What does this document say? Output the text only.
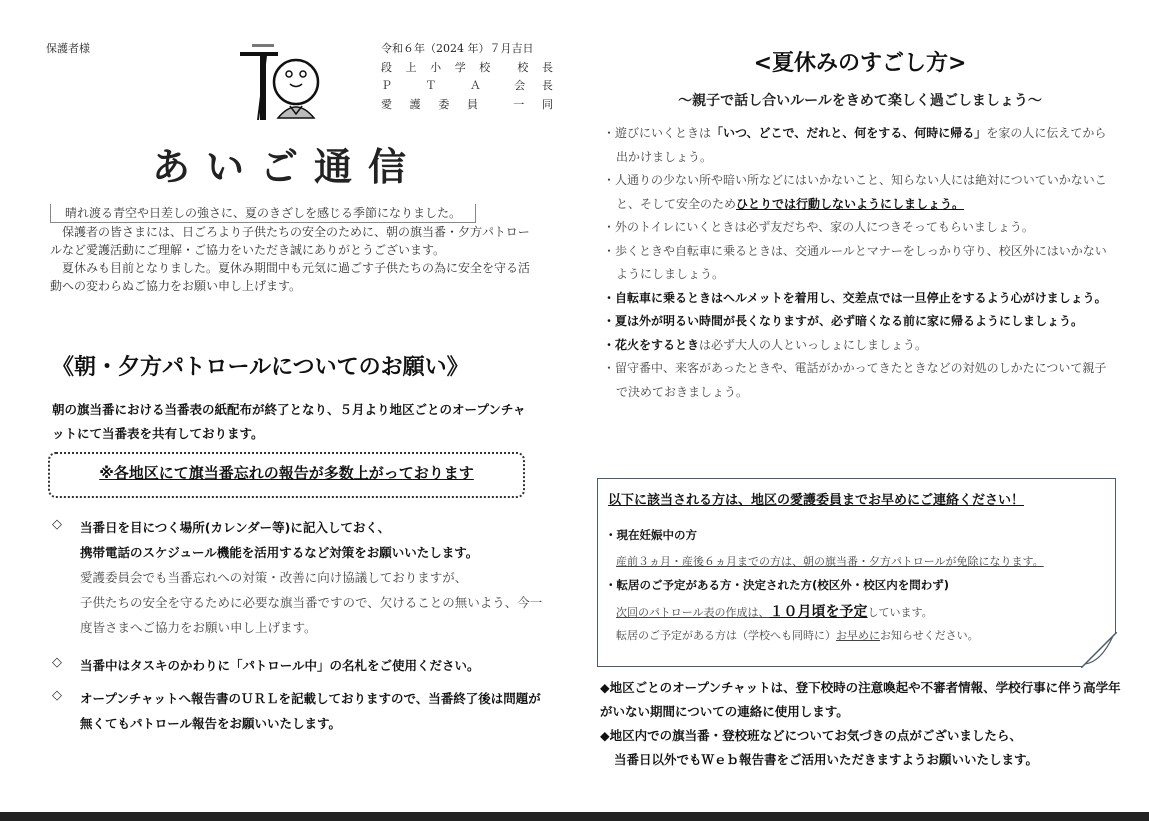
保護者様	令和６年（2024 年）７月吉日
段 上 小 学 校 校 長
Ｐ	Ｔ	Ａ	会 長
愛 護 委 員	一 同
あいご通信
晴れ渡る青空や日差しの強さに、夏のきざしを感じる季節になりました。

保護者の皆さまには、日ごろより子供たちの安全のために、朝の旗当番・夕方パトロールなど愛護活動にご理解・ご協力をいただき誠にありがとうございます。

夏休みも目前となりました。夏休み期間中も元気に過ごす子供たちの為に安全を守る活動への変わらぬご協力をお願い申し上げます。

《朝・夕方パトロールについてのお願い》
朝の旗当番における当番表の紙配布が終了となり、５月より地区ごとのオープンチャットにて当番表を共有しております。
※各地区にて旗当番忘れの報告が多数上がっております
◇ 当番日を目につく場所(カレンダー等)に記入しておく、

携帯電話のスケジュール機能を活用するなど対策をお願いいたします。

愛護委員会でも当番忘れへの対策・改善に向け協議しておりますが、

子供たちの安全を守るために必要な旗当番ですので、欠けることの無いよう、今一度皆さまへご協力をお願い申し上げます。

◇ 当番中はタスキのかわりに「パトロール中」の名札をご使用ください。
◇ オープンチャットへ報告書のＵＲＬを記載しておりますので、当番終了後は問題が無くてもパトロール報告をお願いいたします。
<夏休みのすごし方>
～親子で話し合いルールをきめて楽しく過ごしましょう～

・遊びにいくときは「いつ、どこで、だれと、何をする、何時に帰る」を家の人に伝えてから出かけましょう。

・人通りの少ない所や暗い所などにはいかないこと、知らない人には絶対についていかないこと、そして安全のためひとりでは行動しないようにしましょう。

・外のトイレにいくときは必ず友だちや、家の人につきそってもらいましょう。

・歩くときや自転車に乗るときは、交通ルールとマナーをしっかり守り、校区外にはいかないようにしましょう。

・自転車に乗るときはヘルメットを着用し、交差点では一旦停止をするよう心がけましょう。

・夏は外が明るい時間が長くなりますが、必ず暗くなる前に家に帰るようにしましょう。

・花火をするときは必ず大人の人といっしょにしましょう。

・留守番中、来客があったときや、電話がかかってきたときなどの対処のしかたについて親子で決めておきましょう。

以下に該当される方は、地区の愛護委員までお早めにご連絡ください！
・現在妊娠中の方
産前３ヵ月・産後６ヵ月までの方は、朝の旗当番・夕方パトロールが免除になります。
・転居のご予定がある方・決定された方(校区外・校区内を問わず)
次回のパトロール表の作成は、１０月頃を予定しています。
転居のご予定がある方は（学校へも同時に）お早めにお知らせください。

◆地区ごとのオープンチャットは、登下校時の注意喚起や不審者情報、学校行事に伴う高学年がいない期間についての連絡に使用します。

◆地区内での旗当番・登校班などについてお気づきの点がございましたら、

当番日以外でもＷｅｂ報告書をご活用いただきますようお願いいたします。
